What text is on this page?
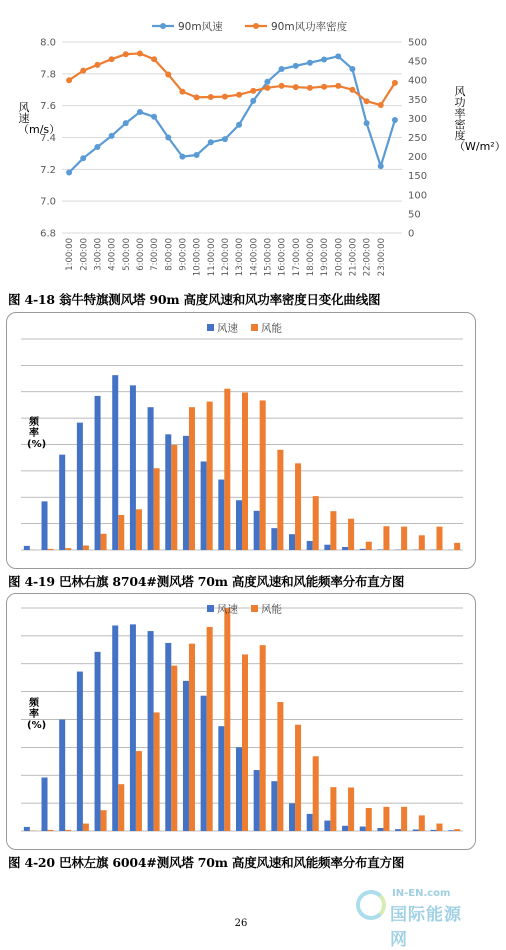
8.0
7.8
7.6
7.4
7.2
7.0
6.8
500
450
400
350
300
250
200
150
100
50
0
1:00:00 2:00:00 3:00:00 4:00:00 5:00:00 6:00:00 7:00:00 8:00:00 9:00:00 10:00:00 11:00:00 12:00:00 13:00:00 14:00:00 15:00:00 16:00:00 17:00:00 18:00:00 19:00:00 20:00:00 21:00:00 22:00:00 23:00:00
90m风速	90m风功率密度
风速（m/s）
风功率密度（W/m²）
图 4-18 翁牛特旗测风塔 90m 高度风速和风功率密度日变化曲线图
风速 风能
频率(%)
图 4-19 巴林右旗 8704#测风塔 70m 高度风速和风能频率分布直方图
风速 风能
频率(%)
图 4-20 巴林左旗 6004#测风塔 70m 高度风速和风能频率分布直方图
26
IN-EN.com
国际能源网
